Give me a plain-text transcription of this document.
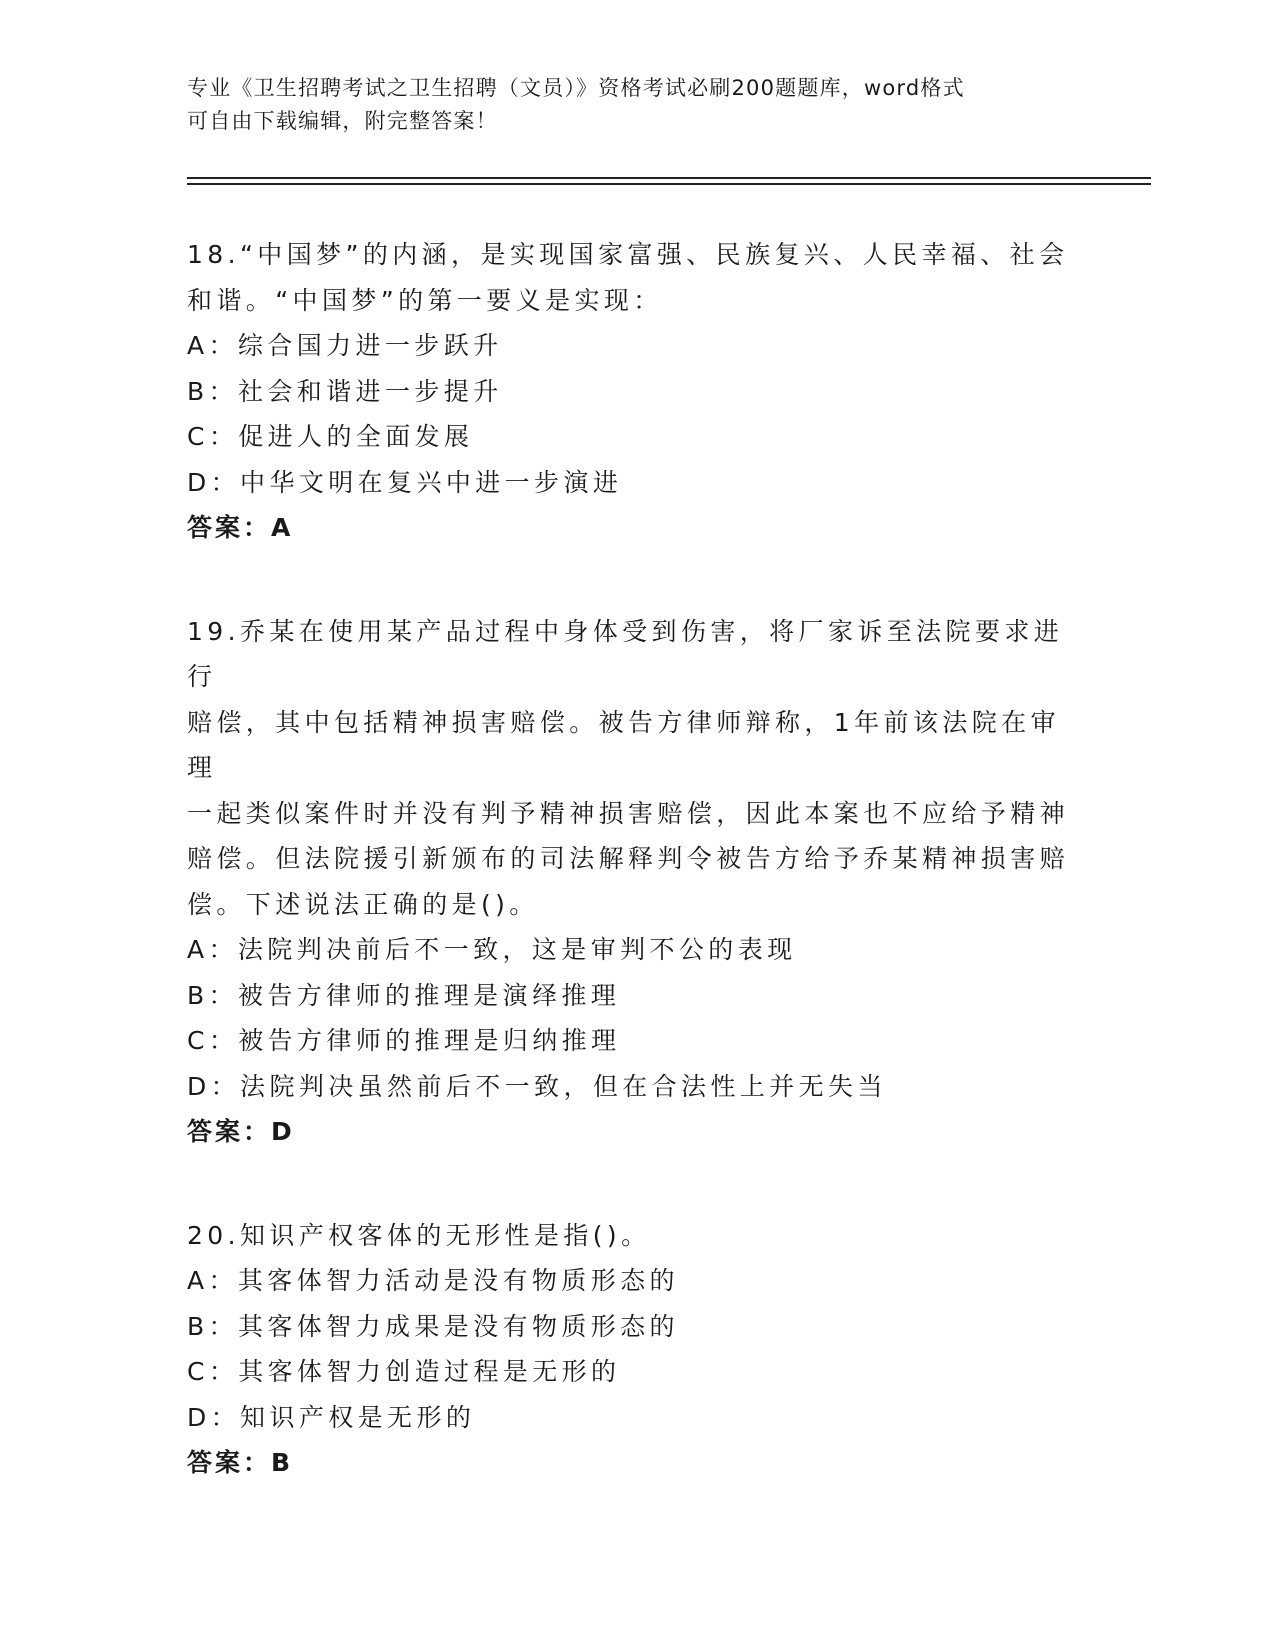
专业《卫生招聘考试之卫生招聘（文员）》资格考试必刷200题题库，word格式
可自由下载编辑，附完整答案！

18.“中国梦”的内涵，是实现国家富强、民族复兴、人民幸福、社会

和谐。“中国梦”的第一要义是实现：

A：综合国力进一步跃升

B：社会和谐进一步提升

C：促进人的全面发展

D：中华文明在复兴中进一步演进

答案：A

19.乔某在使用某产品过程中身体受到伤害，将厂家诉至法院要求进行

赔偿，其中包括精神损害赔偿。被告方律师辩称，1年前该法院在审理

一起类似案件时并没有判予精神损害赔偿，因此本案也不应给予精神

赔偿。但法院援引新颁布的司法解释判令被告方给予乔某精神损害赔

偿。下述说法正确的是()。

A：法院判决前后不一致，这是审判不公的表现

B：被告方律师的推理是演绎推理

C：被告方律师的推理是归纳推理

D：法院判决虽然前后不一致，但在合法性上并无失当

答案：D

20.知识产权客体的无形性是指()。

A：其客体智力活动是没有物质形态的

B：其客体智力成果是没有物质形态的

C：其客体智力创造过程是无形的

D：知识产权是无形的

答案：B
